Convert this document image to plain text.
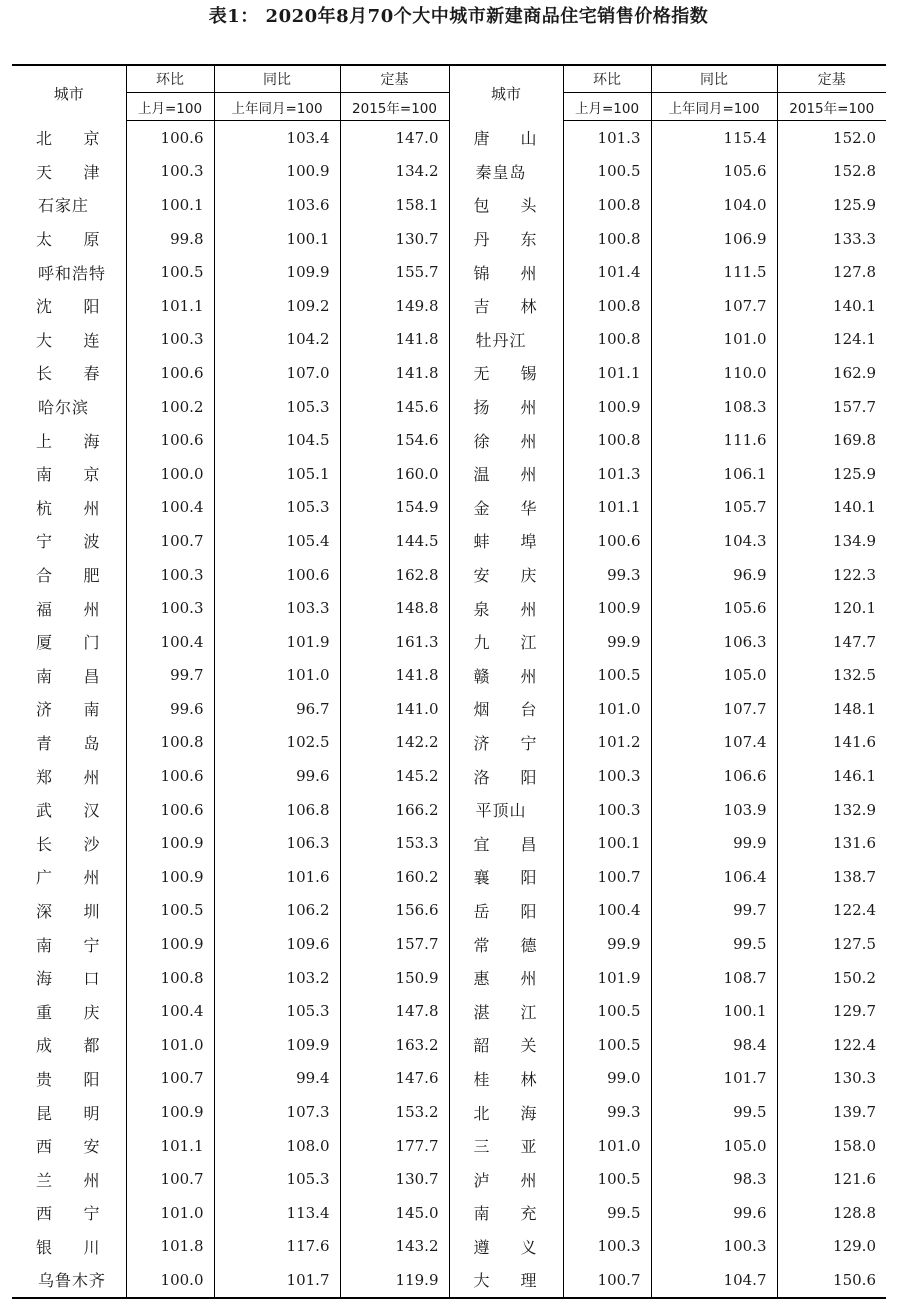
表1： 2020年8月70个大中城市新建商品住宅销售价格指数
城市	环比	同比	定基	城市	环比	同比	定基
	上月=100	上年同月=100	2015年=100		上月=100	上年同月=100	2015年=100

北 京	100.6	103.4	147.0	唐 山	101.3	115.4	152.0

天 津	100.3	100.9	134.2	秦皇岛	100.5	105.6	152.8

石家庄	100.1	103.6	158.1	包 头	100.8	104.0	125.9

太 原	99.8	100.1	130.7	丹 东	100.8	106.9	133.3

呼和浩特	100.5	109.9	155.7	锦 州	101.4	111.5	127.8

沈 阳	101.1	109.2	149.8	吉 林	100.8	107.7	140.1

大 连	100.3	104.2	141.8	牡丹江	100.8	101.0	124.1

长 春	100.6	107.0	141.8	无 锡	101.1	110.0	162.9

哈尔滨	100.2	105.3	145.6	扬 州	100.9	108.3	157.7

上 海	100.6	104.5	154.6	徐 州	100.8	111.6	169.8

南 京	100.0	105.1	160.0	温 州	101.3	106.1	125.9

杭 州	100.4	105.3	154.9	金 华	101.1	105.7	140.1

宁 波	100.7	105.4	144.5	蚌 埠	100.6	104.3	134.9

合 肥	100.3	100.6	162.8	安 庆	99.3	96.9	122.3

福 州	100.3	103.3	148.8	泉 州	100.9	105.6	120.1

厦 门	100.4	101.9	161.3	九 江	99.9	106.3	147.7

南 昌	99.7	101.0	141.8	赣 州	100.5	105.0	132.5

济 南	99.6	96.7	141.0	烟 台	101.0	107.7	148.1

青 岛	100.8	102.5	142.2	济 宁	101.2	107.4	141.6

郑 州	100.6	99.6	145.2	洛 阳	100.3	106.6	146.1

武 汉	100.6	106.8	166.2	平顶山	100.3	103.9	132.9

长 沙	100.9	106.3	153.3	宜 昌	100.1	99.9	131.6

广 州	100.9	101.6	160.2	襄 阳	100.7	106.4	138.7

深 圳	100.5	106.2	156.6	岳 阳	100.4	99.7	122.4

南 宁	100.9	109.6	157.7	常 德	99.9	99.5	127.5

海 口	100.8	103.2	150.9	惠 州	101.9	108.7	150.2

重 庆	100.4	105.3	147.8	湛 江	100.5	100.1	129.7

成 都	101.0	109.9	163.2	韶 关	100.5	98.4	122.4

贵 阳	100.7	99.4	147.6	桂 林	99.0	101.7	130.3

昆 明	100.9	107.3	153.2	北 海	99.3	99.5	139.7

西 安	101.1	108.0	177.7	三 亚	101.0	105.0	158.0

兰 州	100.7	105.3	130.7	泸 州	100.5	98.3	121.6

西 宁	101.0	113.4	145.0	南 充	99.5	99.6	128.8

银 川	101.8	117.6	143.2	遵 义	100.3	100.3	129.0

乌鲁木齐	100.0	101.7	119.9	大 理	100.7	104.7	150.6
